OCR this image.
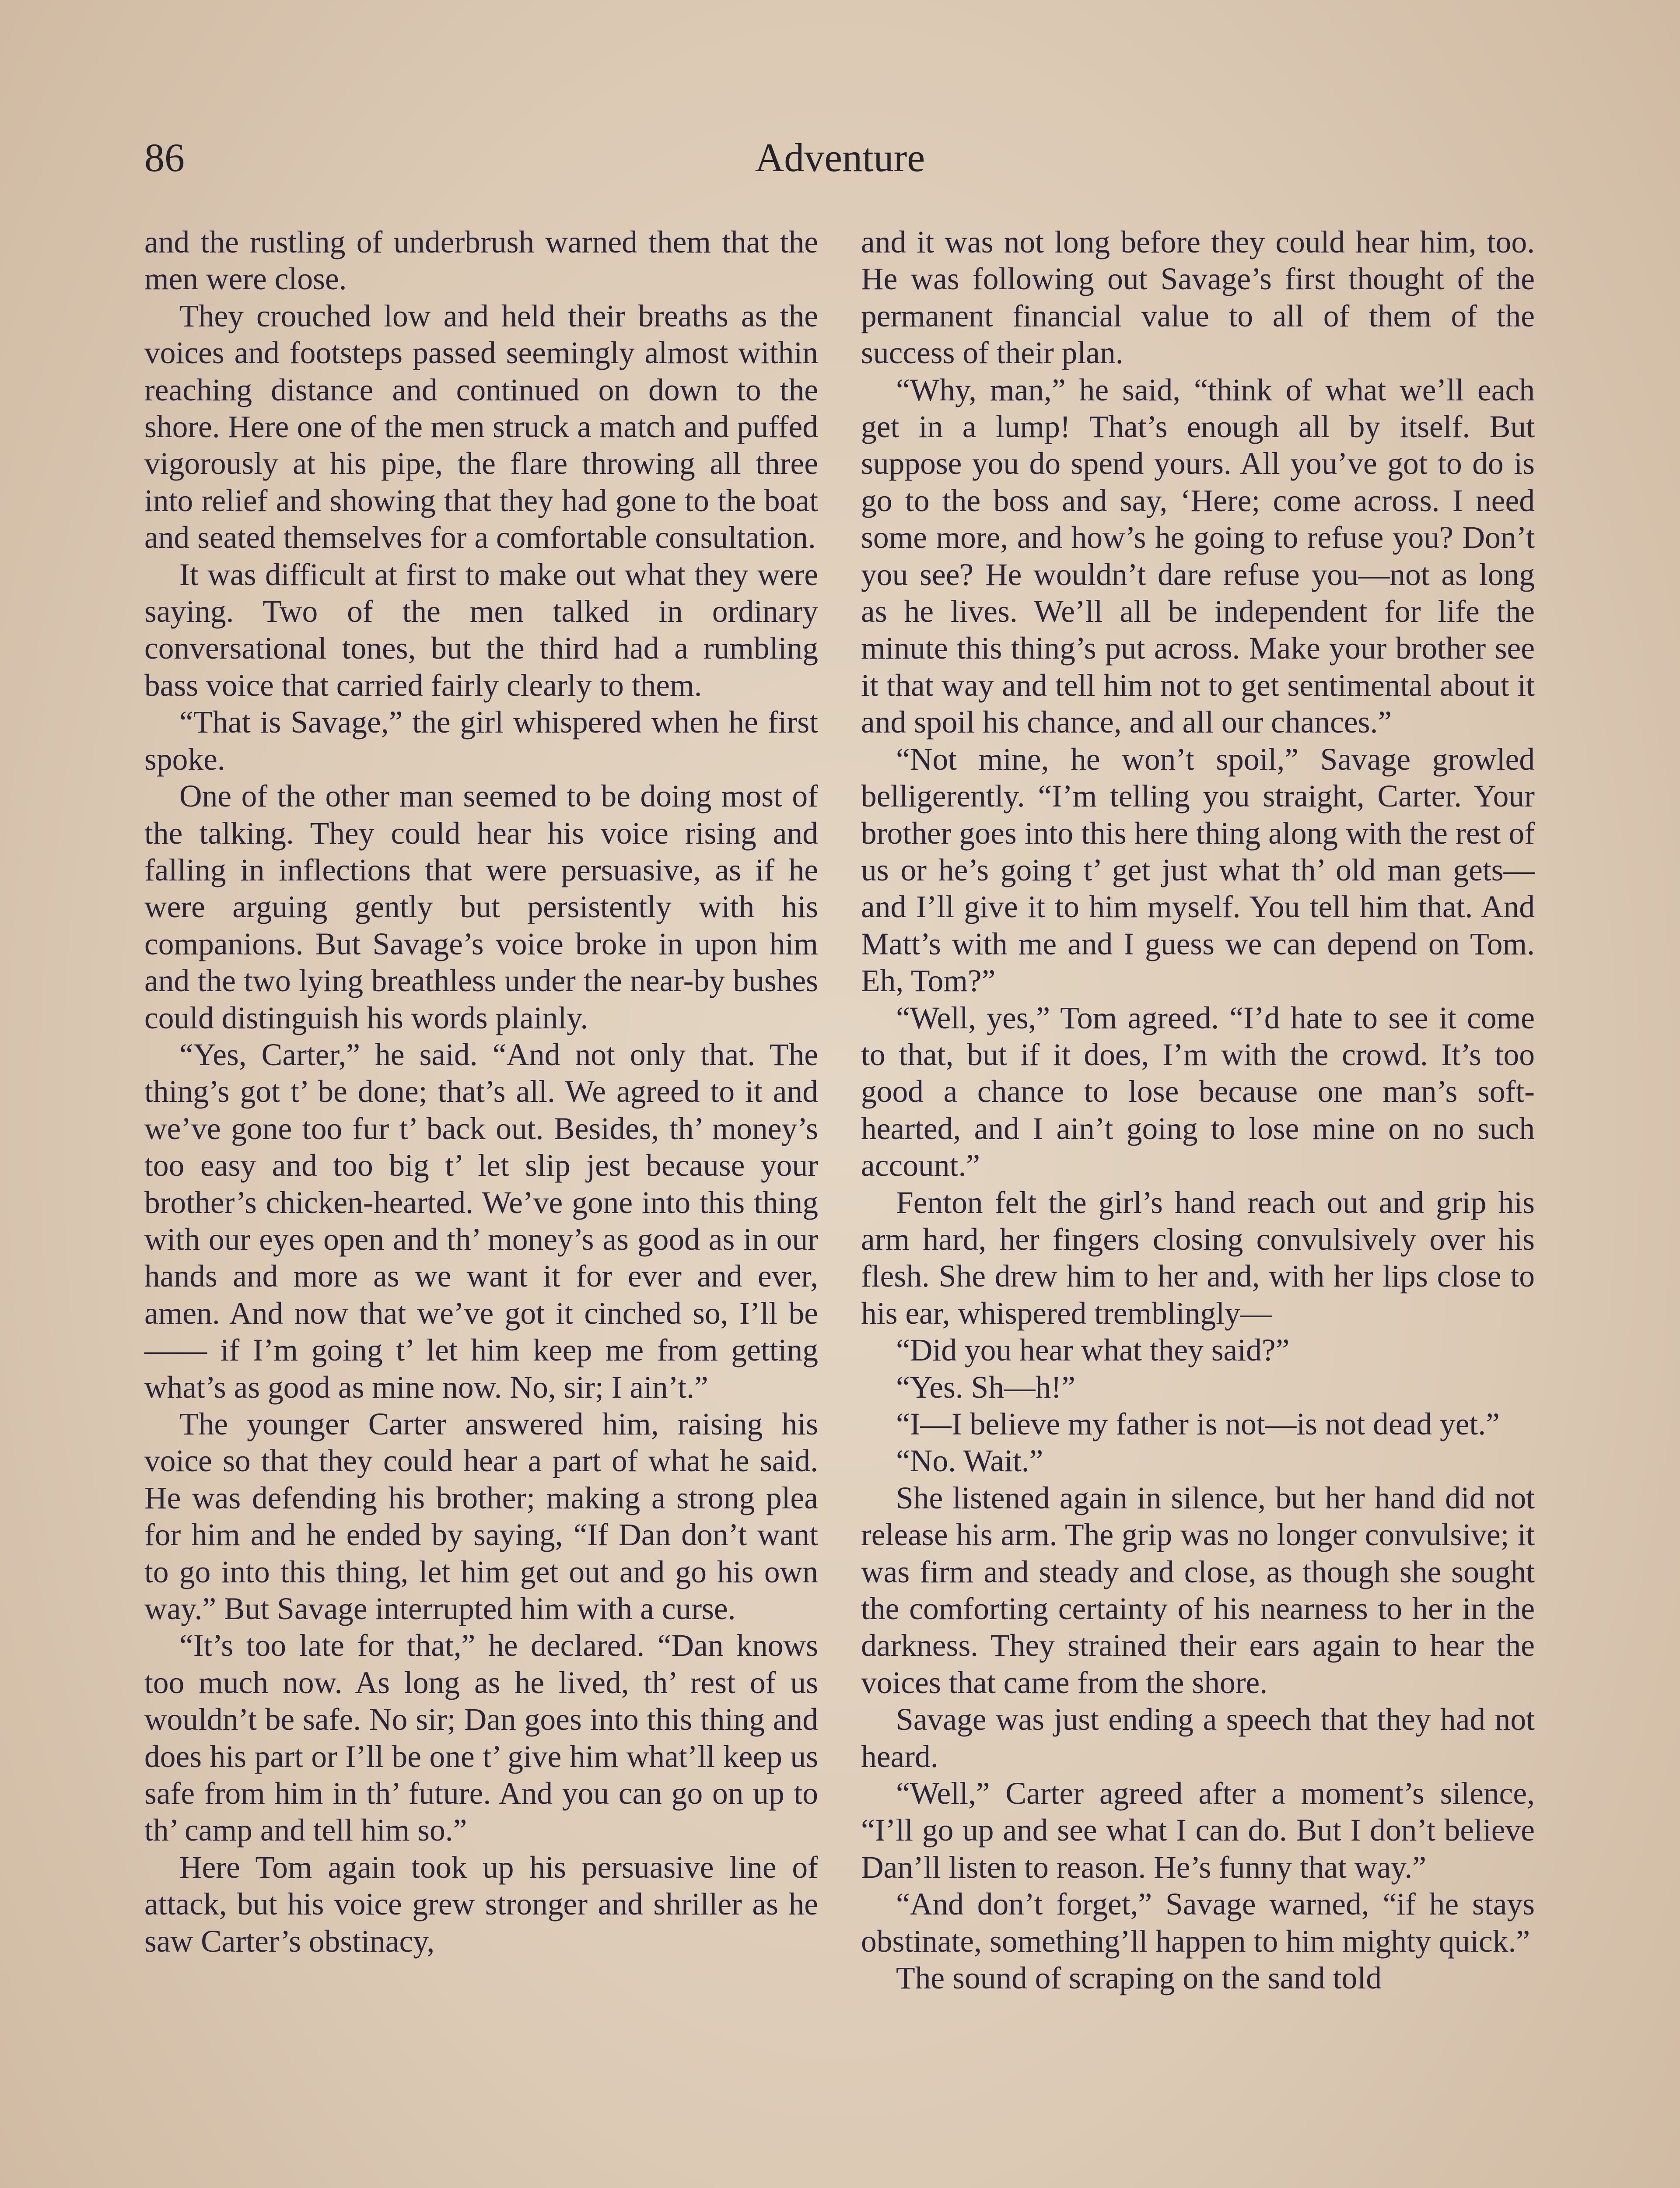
86	Adventure

and the rustling of underbrush warned them that the men were close.

They crouched low and held their breaths as the voices and footsteps passed seemingly almost within reaching distance and continued on down to the shore. Here one of the men struck a match and puffed vigorously at his pipe, the flare throwing all three into relief and showing that they had gone to the boat and seated themselves for a comfortable consultation.

It was difficult at first to make out what they were saying. Two of the men talked in ordinary conversational tones, but the third had a rumbling bass voice that carried fairly clearly to them.

“That is Savage,” the girl whispered when he first spoke.

One of the other man seemed to be doing most of the talking. They could hear his voice rising and falling in inflections that were persuasive, as if he were arguing gently but persistently with his companions. But Savage’s voice broke in upon him and the two lying breathless under the near-by bushes could distinguish his words plainly.

“Yes, Carter,” he said. “And not only that. The thing’s got t’ be done; that’s all. We agreed to it and we’ve gone too fur t’ back out. Besides, th’ money’s too easy and too big t’ let slip jest because your brother’s chicken-hearted. We’ve gone into this thing with our eyes open and th’ money’s as good as in our hands and more as we want it for ever and ever, amen. And now that we’ve got it cinched so, I’ll be —— if I’m going t’ let him keep me from getting what’s as good as mine now. No, sir; I ain’t.”

The younger Carter answered him, raising his voice so that they could hear a part of what he said. He was defending his brother; making a strong plea for him and he ended by saying, “If Dan don’t want to go into this thing, let him get out and go his own way.” But Savage interrupted him with a curse.

“It’s too late for that,” he declared. “Dan knows too much now. As long as he lived, th’ rest of us wouldn’t be safe. No sir; Dan goes into this thing and does his part or I’ll be one t’ give him what’ll keep us safe from him in th’ future. And you can go on up to th’ camp and tell him so.”

Here Tom again took up his persuasive line of attack, but his voice grew stronger and shriller as he saw Carter’s obstinacy,

and it was not long before they could hear him, too. He was following out Savage’s first thought of the permanent financial value to all of them of the success of their plan.

“Why, man,” he said, “think of what we’ll each get in a lump! That’s enough all by itself. But suppose you do spend yours. All you’ve got to do is go to the boss and say, ‘Here; come across. I need some more, and how’s he going to refuse you? Don’t you see? He wouldn’t dare refuse you—not as long as he lives. We’ll all be independent for life the minute this thing’s put across. Make your brother see it that way and tell him not to get sentimental about it and spoil his chance, and all our chances.”

“Not mine, he won’t spoil,” Savage growled belligerently. “I’m telling you straight, Carter. Your brother goes into this here thing along with the rest of us or he’s going t’ get just what th’ old man gets—and I’ll give it to him myself. You tell him that. And Matt’s with me and I guess we can depend on Tom. Eh, Tom?”

“Well, yes,” Tom agreed. “I’d hate to see it come to that, but if it does, I’m with the crowd. It’s too good a chance to lose because one man’s soft-hearted, and I ain’t going to lose mine on no such account.”

Fenton felt the girl’s hand reach out and grip his arm hard, her fingers closing convulsively over his flesh. She drew him to her and, with her lips close to his ear, whispered tremblingly—

“Did you hear what they said?”

“Yes. Sh—h!”

“I—I believe my father is not—is not dead yet.”

“No. Wait.”

She listened again in silence, but her hand did not release his arm. The grip was no longer convulsive; it was firm and steady and close, as though she sought the comforting certainty of his nearness to her in the darkness. They strained their ears again to hear the voices that came from the shore.

Savage was just ending a speech that they had not heard.

“Well,” Carter agreed after a moment’s silence, “I’ll go up and see what I can do. But I don’t believe Dan’ll listen to reason. He’s funny that way.”

“And don’t forget,” Savage warned, “if he stays obstinate, something’ll happen to him mighty quick.”

The sound of scraping on the sand told
